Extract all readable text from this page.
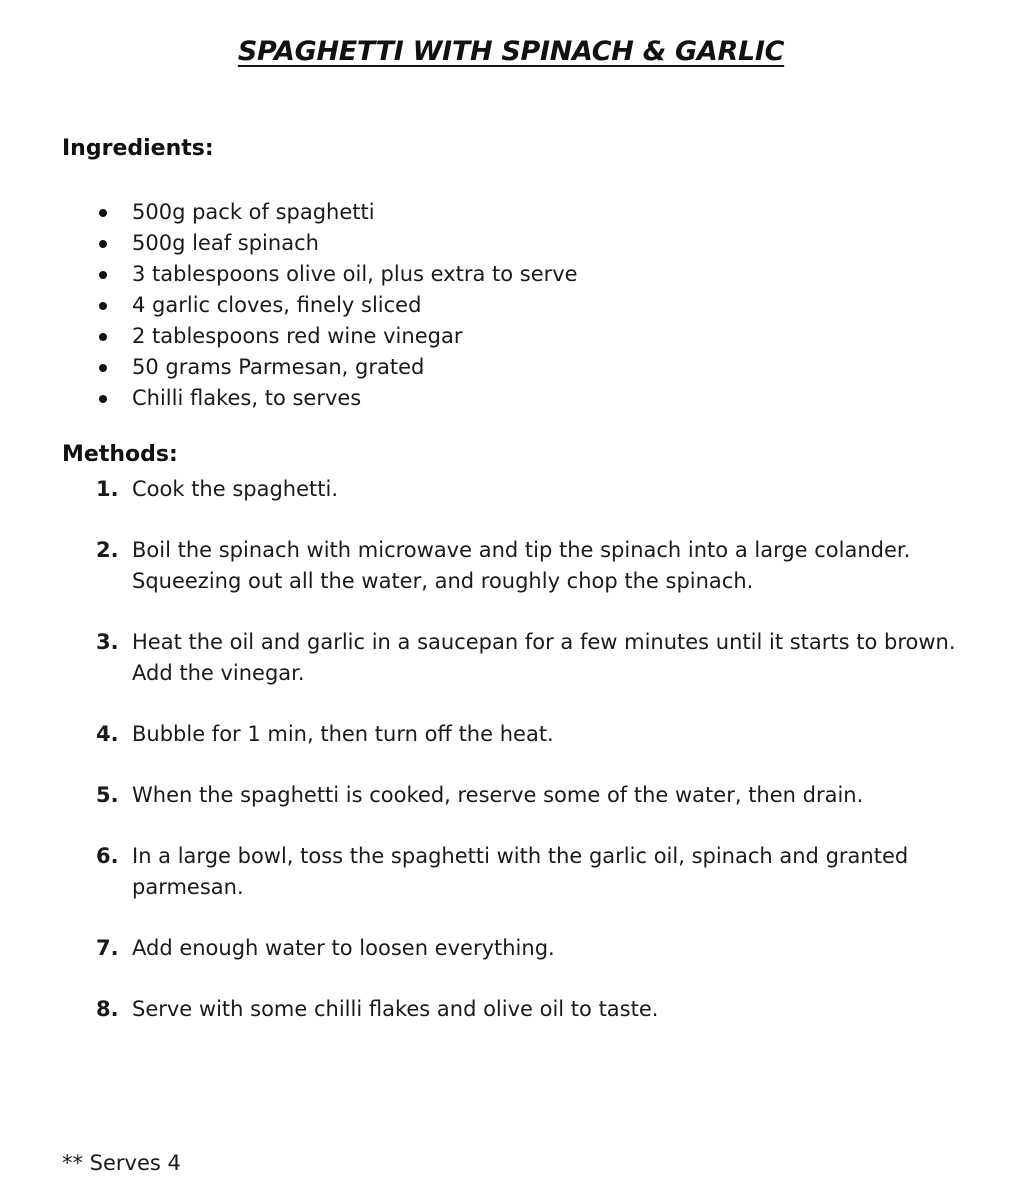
SPAGHETTI WITH SPINACH & GARLIC
Ingredients:
500g pack of spaghetti
500g leaf spinach
3 tablespoons olive oil, plus extra to serve
4 garlic cloves, finely sliced
2 tablespoons red wine vinegar
50 grams Parmesan, grated
Chilli flakes, to serves
Methods:
1. Cook the spaghetti.
2. Boil the spinach with microwave and tip the spinach into a large colander. Squeezing out all the water, and roughly chop the spinach.
3. Heat the oil and garlic in a saucepan for a few minutes until it starts to brown. Add the vinegar.
4. Bubble for 1 min, then turn off the heat.
5. When the spaghetti is cooked, reserve some of the water, then drain.
6. In a large bowl, toss the spaghetti with the garlic oil, spinach and granted parmesan.
7. Add enough water to loosen everything.
8. Serve with some chilli flakes and olive oil to taste.
** Serves 4
